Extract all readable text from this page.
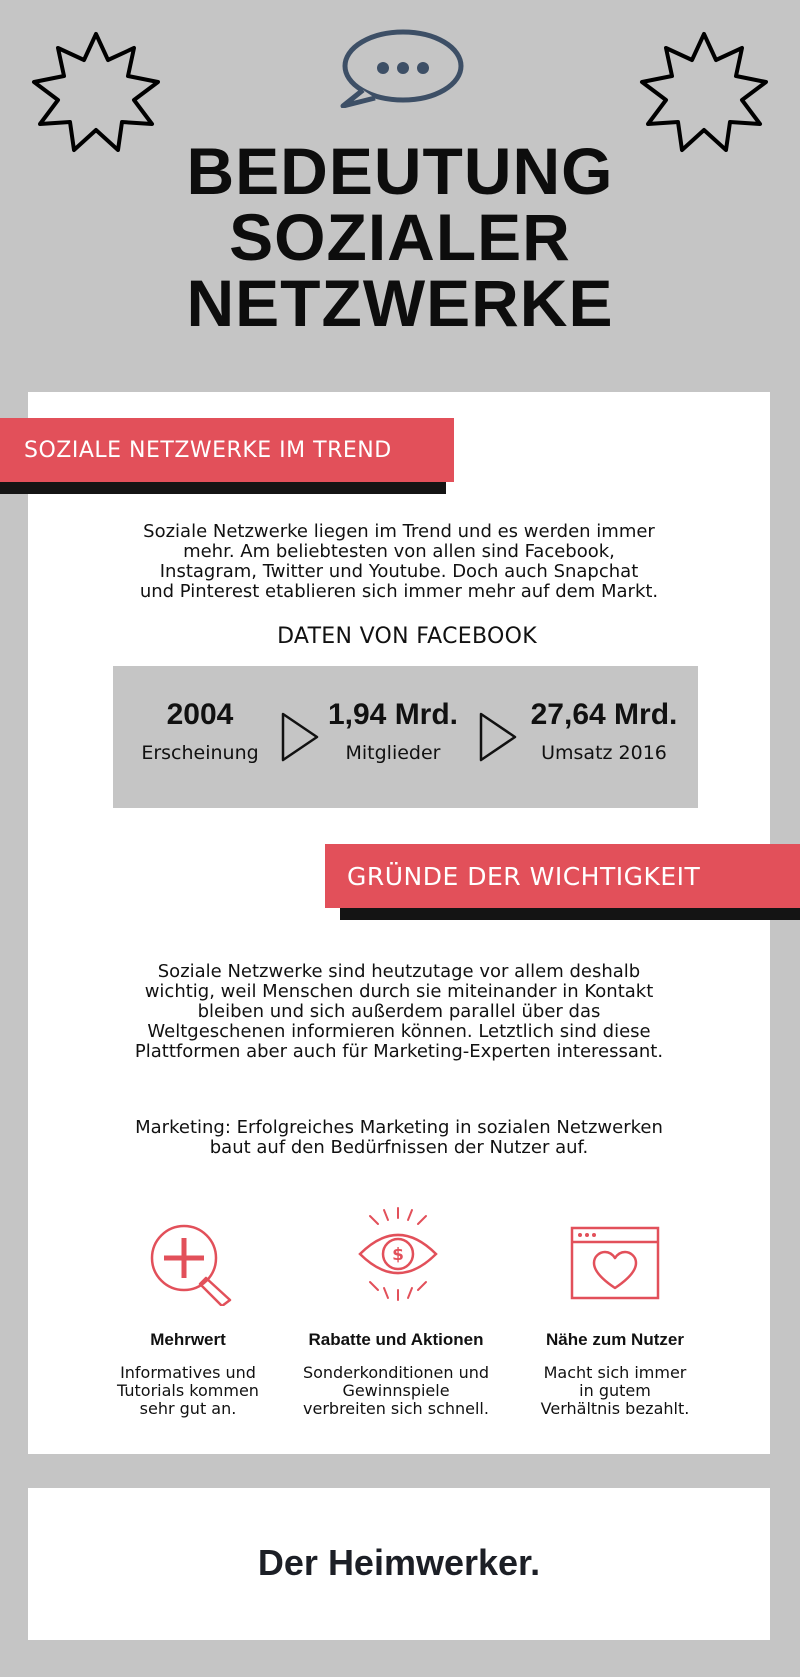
BEDEUTUNG
SOZIALER
NETZWERKE
SOZIALE NETZWERKE IM TREND
Soziale Netzwerke liegen im Trend und es werden immer
mehr. Am beliebtesten von allen sind Facebook,
Instagram, Twitter und Youtube. Doch auch Snapchat
und Pinterest etablieren sich immer mehr auf dem Markt.
DATEN VON FACEBOOK
2004
Erscheinung
1,94 Mrd.
Mitglieder
27,64 Mrd.
Umsatz 2016
GRÜNDE DER WICHTIGKEIT
Soziale Netzwerke sind heutzutage vor allem deshalb
wichtig, weil Menschen durch sie miteinander in Kontakt
bleiben und sich außerdem parallel über das
Weltgeschenen informieren können. Letztlich sind diese
Plattformen aber auch für Marketing-Experten interessant.
Marketing: Erfolgreiches Marketing in sozialen Netzwerken
baut auf den Bedürfnissen der Nutzer auf.
$
Mehrwert
Informatives und
Tutorials kommen
sehr gut an.
Rabatte und Aktionen
Sonderkonditionen und
Gewinnspiele
verbreiten sich schnell.
Nähe zum Nutzer
Macht sich immer
in gutem
Verhältnis bezahlt.
Der Heimwerker.
